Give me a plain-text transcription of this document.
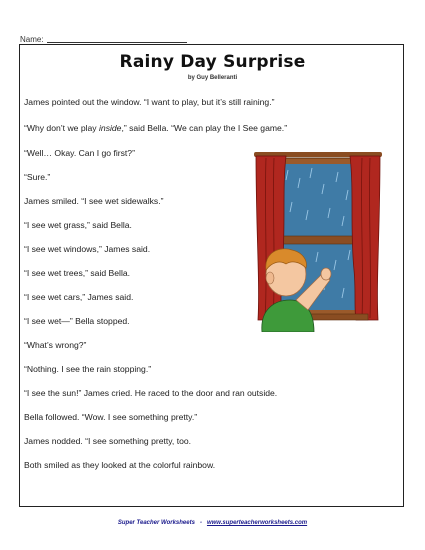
Name:
Rainy Day Surprise
by Guy Belleranti
James pointed out the window. “I want to play, but it’s still raining.”
“Why don’t we play inside,” said Bella. “We can play the I See game.”
“Well… Okay. Can I go first?”
“Sure.”
James smiled. “I see wet sidewalks.”
“I see wet grass,” said Bella.
“I see wet windows,” James said.
“I see wet trees,” said Bella.
“I see wet cars,” James said.
“I see wet—” Bella stopped.
“What’s wrong?”
“Nothing. I see the rain stopping.”
“I see the sun!” James cried. He raced to the door and ran outside.
Bella followed. “Wow. I see something pretty.”
James nodded. “I see something pretty, too.
Both smiled as they looked at the colorful rainbow.
Super Teacher Worksheets - www.superteacherworksheets.com
